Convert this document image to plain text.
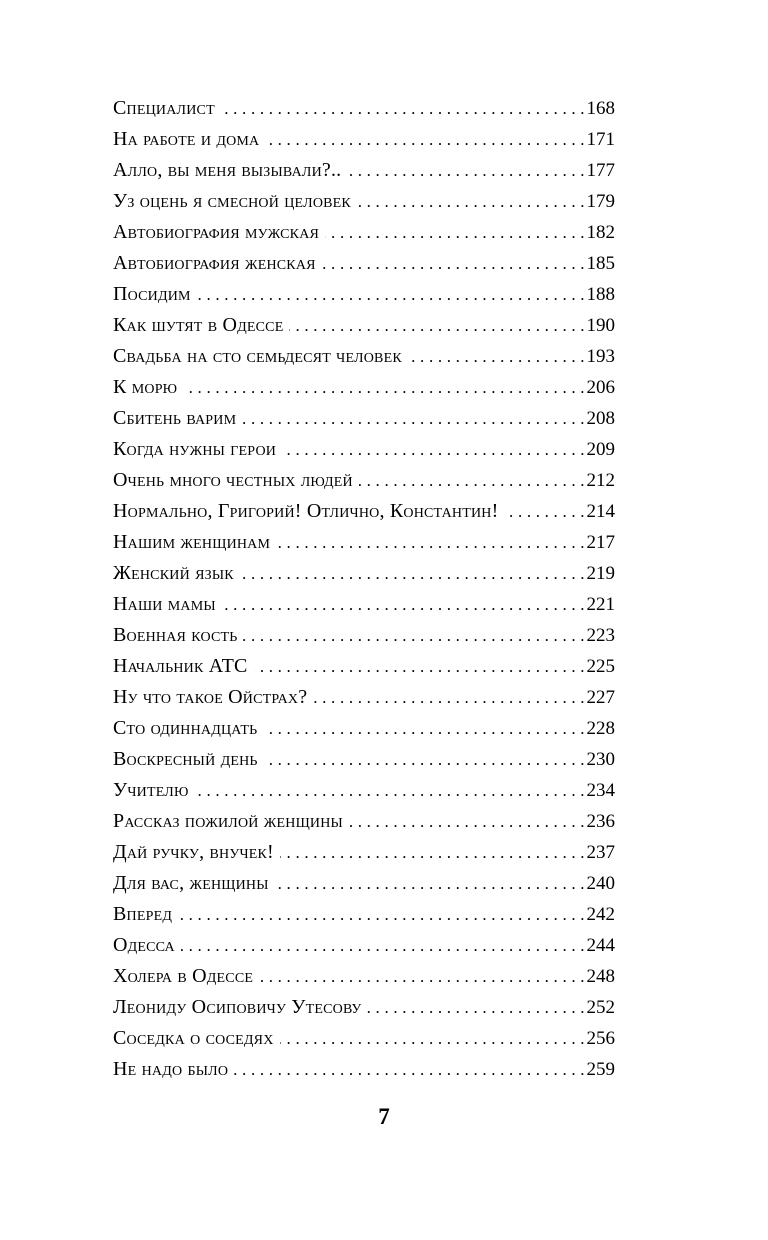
Специалист . . .	168
На работе и дома . . .	171
Алло, вы меня вызывали?.. . . .	177
Уз оцень я смесной целовек . . .	179
Автобиография мужская . . .	182
Автобиография женская . . .	185
Посидим . . .	188
Как шутят в Одессе . . .	190
Свадьба на сто семьдесят человек . . .	193
К морю . . .	206
Сбитень варим . . .	208
Когда нужны герои . . .	209
Очень много честных людей . . .	212
Нормально, Григорий! Отлично, Константин! . . .	214
Нашим женщинам . . .	217
Женский язык . . .	219
Наши мамы . . .	221
Военная кость . . .	223
Начальник АТС . . .	225
Ну что такое Ойстрах? . . .	227
Сто одиннадцать . . .	228
Воскресный день . . .	230
Учителю . . .	234
Рассказ пожилой женщины . . .	236
Дай ручку, внучек! . . .	237
Для вас, женщины . . .	240
Вперед . . .	242
Одесса . . .	244
Холера в Одессе . . .	248
Леониду Осиповичу Утесову . . .	252
Соседка о соседях . . .	256
Не надо было . . .	259
7
